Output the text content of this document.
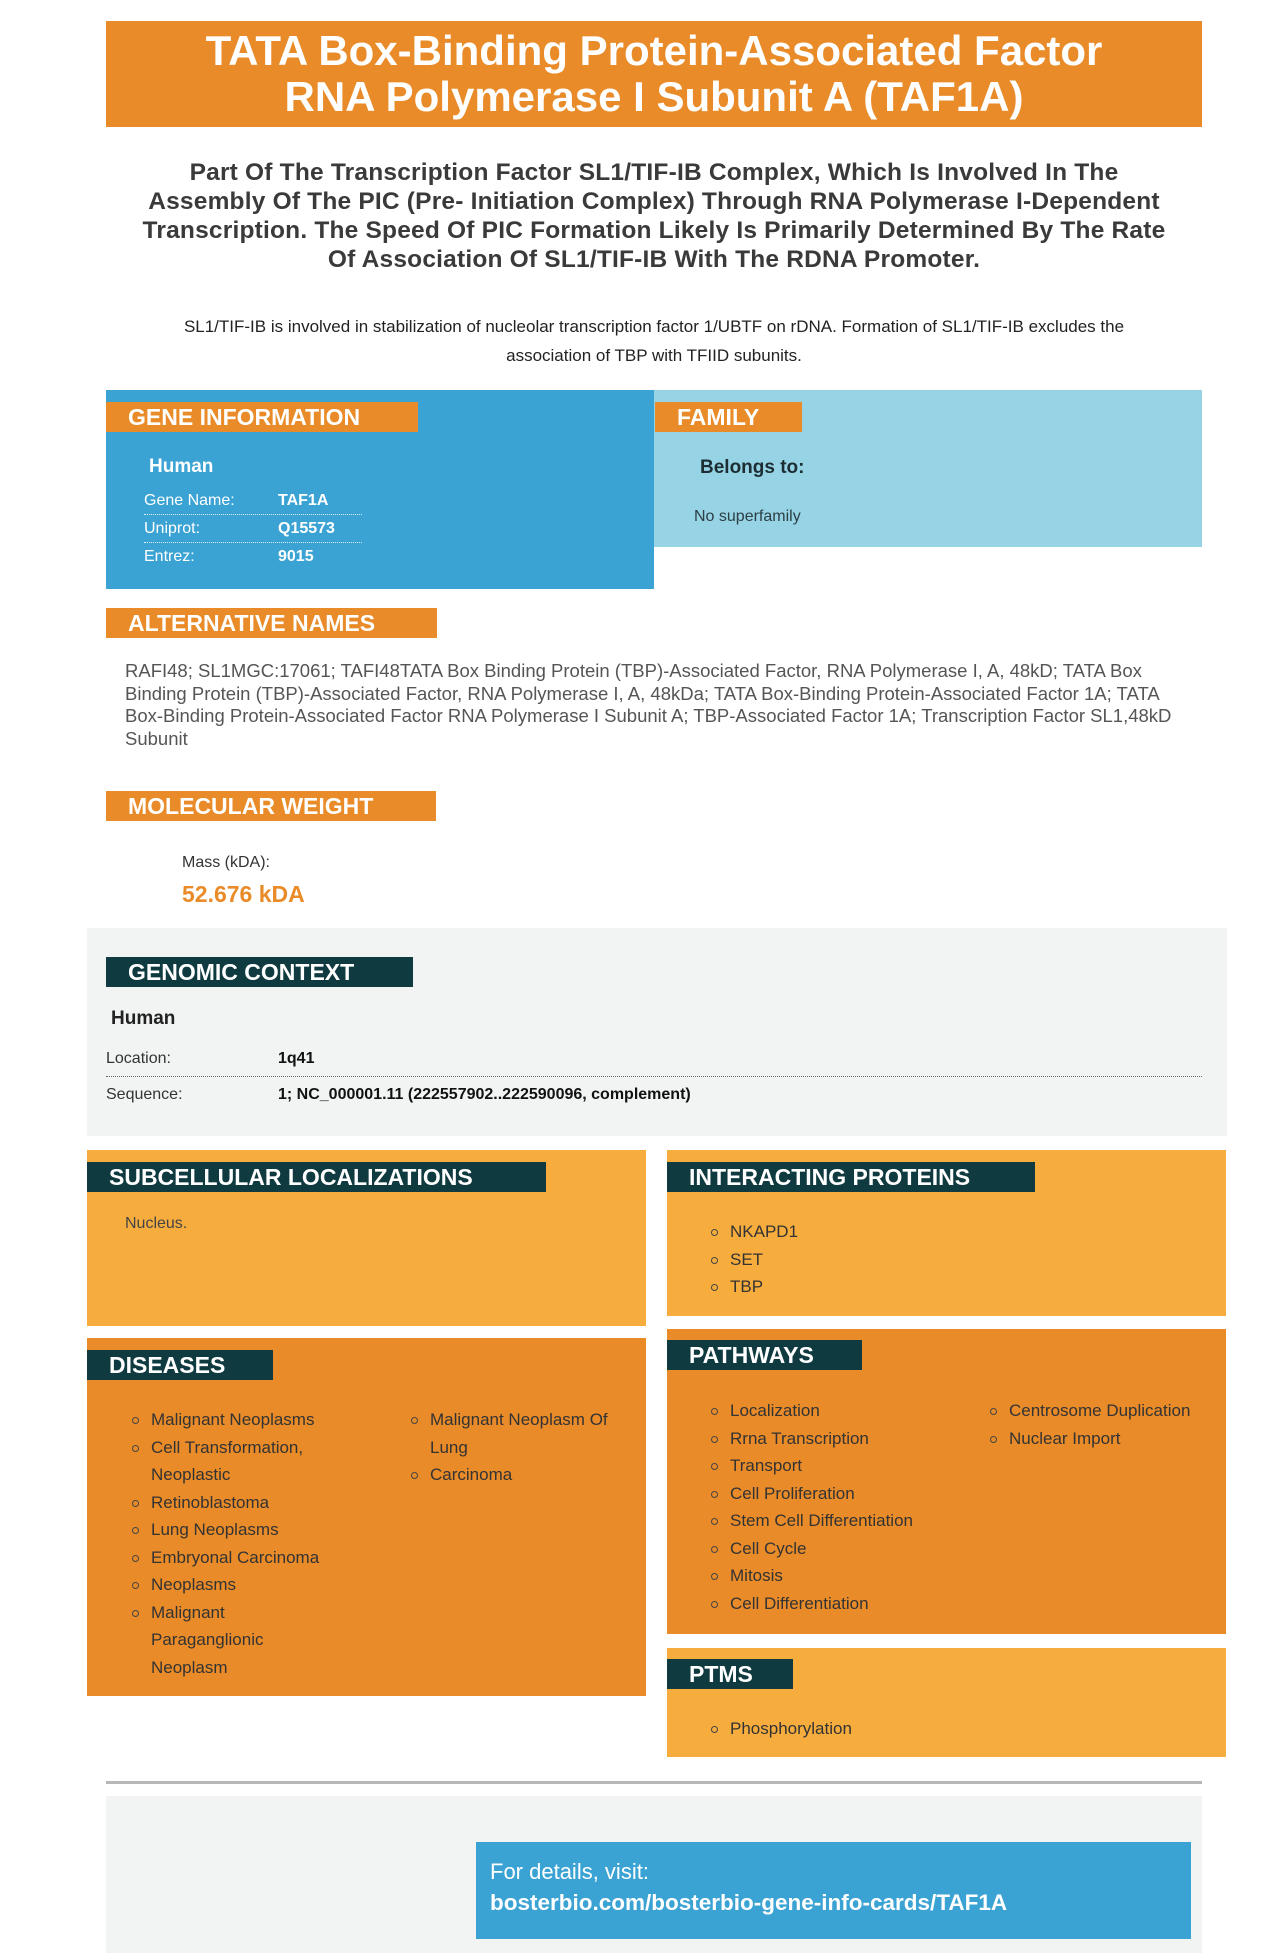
TATA Box-Binding Protein-Associated Factor
RNA Polymerase I Subunit A (TAF1A)
Part Of The Transcription Factor SL1/TIF-IB Complex, Which Is Involved In The Assembly Of The PIC (Pre- Initiation Complex) Through RNA Polymerase I-Dependent Transcription. The Speed Of PIC Formation Likely Is Primarily Determined By The Rate Of Association Of SL1/TIF-IB With The RDNA Promoter.
SL1/TIF-IB is involved in stabilization of nucleolar transcription factor 1/UBTF on rDNA. Formation of SL1/TIF-IB excludes the association of TBP with TFIID subunits.
GENE INFORMATION	FAMILY
Human
Gene Name:	TAF1A
Uniprot:	Q15573
Entrez:	9015
Belongs to:
No superfamily
ALTERNATIVE NAMES
RAFI48; SL1MGC:17061; TAFI48TATA Box Binding Protein (TBP)-Associated Factor, RNA Polymerase I, A, 48kD; TATA Box Binding Protein (TBP)-Associated Factor, RNA Polymerase I, A, 48kDa; TATA Box-Binding Protein-Associated Factor 1A; TATA Box-Binding Protein-Associated Factor RNA Polymerase I Subunit A; TBP-Associated Factor 1A; Transcription Factor SL1,48kD Subunit
MOLECULAR WEIGHT
Mass (kDA):
52.676 kDA
GENOMIC CONTEXT
Human
Location:	1q41
Sequence:	1; NC_000001.11 (222557902..222590096, complement)
SUBCELLULAR LOCALIZATIONS
Nucleus.
INTERACTING PROTEINS
NKAPD1
SET
TBP
DISEASES
Malignant Neoplasms
Cell Transformation, Neoplastic
Retinoblastoma
Lung Neoplasms
Embryonal Carcinoma
Neoplasms
Malignant Paraganglionic Neoplasm
Malignant Neoplasm Of Lung
Carcinoma
PATHWAYS
Localization
Rrna Transcription
Transport
Cell Proliferation
Stem Cell Differentiation
Cell Cycle
Mitosis
Cell Differentiation
Centrosome Duplication
Nuclear Import
PTMS
Phosphorylation
For details, visit:
bosterbio.com/bosterbio-gene-info-cards/TAF1A
